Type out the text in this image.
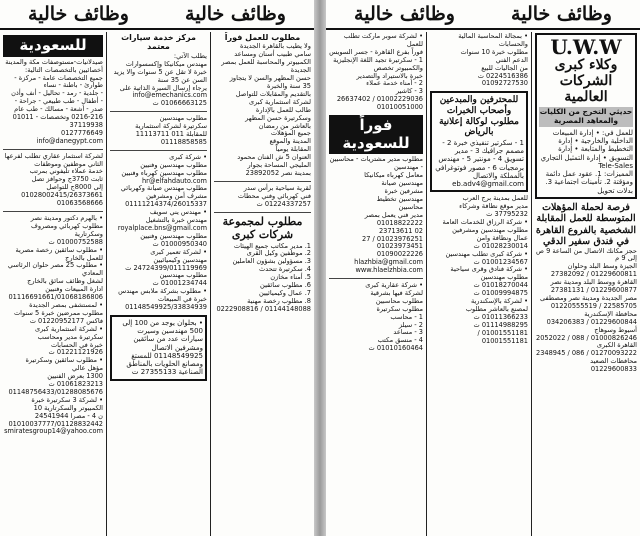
وظائف خالية	وظائف خالية
للسعودية

صيدلانيات-مستوصفات مكة والمدينة
أخصائيين بالتخصصات التالية:
جميع التخصصات عامة - مركزة - طوارئ - باطنة - نساء
- جلدية - رمد - تحاليل - أنف وأذن
- أطفال - طب طبيعي - جراحة -
صدر - أشعة - مسالك - طب عام
0216-216 وتخصصات - 01011 37119938
0127776649
info@danegypt.com

لشركة استثمار عقاري تطلب لفرعها
الثاني موظفين وموظفات
خدمة عملاء تليفوني بمرتب
ثابت 3750ج وحوافز تصل
إلى 8000ج للتواصل
01028002415/26373661
01063568666

• بالهرم دكتور ومدينة نصر
مطلوب كهربائي ومصروف
وسكرتارية
01000752588 ت
• مطلوب سائقين رخصة مصرية
للعمل بالخارج
• مطلوب 25 مصر حلوان الرئاسي المعادي
لشغل وظائف سائق بالخارج
ادارة المبيعات وفنيين
01116691661/01068186806
• لمستشفى بمصر الجديدة
مطلوب ممرضين خبرة 5 سنوات
فاكس 01220952177 ت
• لشركة استثمارية كبرى
سكرتيرة مدير ومحاسب
خبرة في الحسابات
01221121926 ت
• مطلوب سائقين وسكرتيرة
مؤهل عالي
1300 بعرض الفنيين
01061823213 ت
01148756433/01288085676
• لشركة 3 سكرتيرة خبرة
الكمبيوتر والسكرتارية 10
ن 4 - مصرا 24541944
01010037777/01128832442
smiratesgroup14@yahoo.com

مركز خدمة سيارات معتمد

يطلب الآتي:
مهندس ميكانيكا وإكسسوارات
خبرة لا تقل عن 5 سنوات والا يزيد
السن عن 35 سنة
يرجاء إرسال السيرة الذاتية على
info@emechanics.com
01066663125 ت

مطلوب مهندسين
سكرتيرة لشركة استثمارية
للمقابلة 011 11113711
01118858585

• شركة كبرى
مطلوب مهندسين وفنيين
مطلوب مهندسين كهرباء وفنيين
hr@elfahdauto.com
مطلوب مهندس صيانة وكهربائي
مشرف أمن ومشرفين
01111214374/26015337
• مهندس يني سويف
مهندس خبرة بالتشغيل
royalplace.bns@gmail.com
مطلوب مهندسين وفنيين
01000950340 ت
• لشركة تعمير كبرى
مهندسين وكيميائيين
24724399/011119969 ت
مطلوب مهندسين
01001234744 ت
• مطلوب بشركة ملابس مهندس
خبرة في المبيعات
01148549925/33834939

• بحلوان يوجد من 100 إلى 500 مهندسين وسيرت سيارات عدد من سائقين ومشرفين الاتصال 01148549925 للمستغ ومصانع الحلويات بالمناطق الصناعية 27355133 ت

مطلوب للعمل فوراً

ولا يطيب بالقاهرة الجديدة
سامي طبيب أسنان ومساعد
الكمبيوتر والمحاسبة للعمل بمصر الجديدة
حسن المظهر والسن لا يتجاوز
35 سنة والخبرة
بالتقديم والمقابلات للتواصل
لشركة استثمارية كبرى
طالب للعمل بالإدارة
وسكرتيرة حسن المظهر
بالعاشر من رمضان
جميع المؤهلات
المدينة والموقع
المقابلة يومياً
العنوان 5 ش الفنان محمود
المليجي المساحة بجوار
بمدينة نصر 23892052

لقرية سياحية برأس سدر
فني كهربائي وفني محطات
01224337257 ت

مطلوب لمجموعة شركات كبرى

1. مدير مكاتب جميع الهيئات
2. موظفين وكيل القرى
3. مسؤولين بشؤون العاملين
4. سكرتيرة تتحدث
5. أمناء مخازن
6. مطلوب سائقين
7. عمال وكيميائيين
8. مطلوب رخصة مهنية
01144148088 / 0222908816

وظائف خالية	وظائف خالية

• لشركة سوبر ماركت تطلب للعمل
فوراً بفرع القاهرة - جسر السويس
1 - سكرتيرة تجيد اللغة الإنجليزية
والكمبيوتر تخصص
خبرة بالاستيراد والتصدير
2 - أمناء خدمة عملاء
3 - كاشير
01002229036 / 26637402
01010051000

فوراً للسعودية

مطلوب مدير مشتريات - محاسبين - مهندسين
معامل كهرباء ميكانيكا
مهندسين صيانة
مشرفين خبرة
مهندسين تخطيط
محاسبين
مدير فني يعمل بمصر
01018822222
02 23713611
01023976251 / 27
01023973451
01090022226
hlazhbia@gmail.com
www.hlaelzhbia.com

• شركة عقارية كبرى
لشركة فيها بشرقية
مطلوب محاسبين
مطلوب سكرتيرة
1 - محاسب
2 - سيلز
3 - مساعد
4 - منسق مكتب
01010160464 ت

• بمجالة المحاسبة المالية والحسابات
مطلوب خبرة 10 سنوات
الدعم الفني
من الجاليات للبيع
0224516386 ت
01092727530

للمحترفين والمبدعين وأصحاب الخبرات مطلوب لوكالة إعلانية بالرياض

1 - سكرتير تنفيذي خبرة 2 - مصمم جرافيك 3 - مدير تسويق 4 - مونتير 5 - مهندس برمجيات 6 - مصور فوتوغرافي بالمملكة والاتصال eb.adv4@gmail.com

للعمل بمدينة برج العرب
مدير موقع نظافة وشركاء
37795232 ت
• شركة الرزاق للخدمات العامة
مطلوب مهندسين ومشرفين
عمال ونظافة وامن
01028230014 ت
• شركة كبرى تطلب مهندسين
01001234567 ت
• شركة فنادق وقرى سياحية
مطلوب مهندسين
01018270044 ت
01009994875 ت
• لشركة بالإسكندرية
لمصنع بالعاشر مطلوب
01011366233 ت
01114988295 ت
01001551181 / 01001551181

U.W.W
وكلاء كبرى الشركات العالمية
حديثي التخرج من الكليات والمعاهد المصرية

للعمل في: • إدارة المبيعات الداخلية والخارجية • إدارة التخطيط والمتابعة • إدارة التسويق • إدارة التمثيل التجاري Tele-Sales

المميزات: 1. عقود عمل دائمة ومؤقتة 2. تأمينات اجتماعية 3. بدلات تحويل

فرصة لحملة المؤهلات المتوسطة للعمل المقابلة الشخصية بالفروع القاهرة في فندق سفير الدقي

حجز مكانك الاتصال من الساعة 9 ص إلى 9 م
الجيزة وسط البلد وحلوان
01229600811 / 27382092
القاهرة ووسط البلد ومدينة نصر
01229600877 / 27381131
مصر الجديدة ومدينة نصر ومصطفى
22585705 / 01220555519
محافظة الإسكندرية
01229600844 / 034206383
أسيوط وسوهاج
01000826246 / 088 / 2052022
القاهرة الكبرى
01270093222 / 086 / 2348945
محافظات الصعيد
01229600833
